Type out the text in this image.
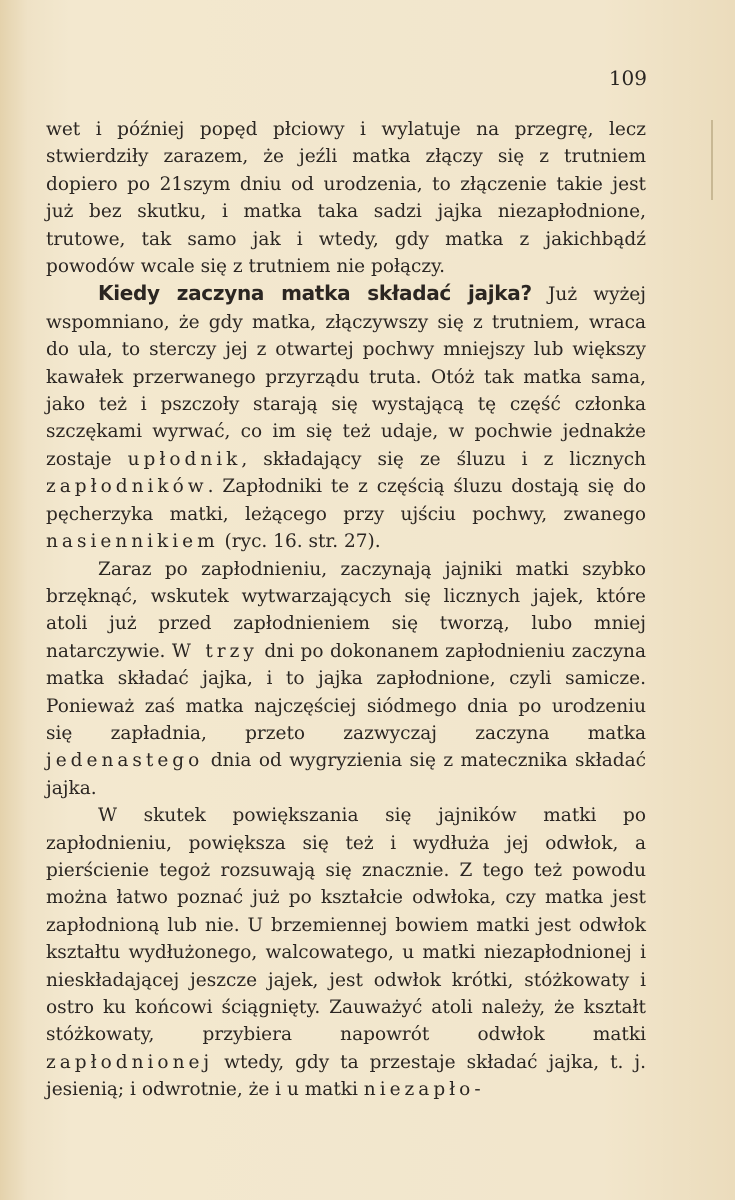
109

wet i później popęd płciowy i wylatuje na przegrę, lecz stwierdziły zarazem, że jeźli matka złączy się z trutniem dopiero po 21szym dniu od urodzenia, to złączenie takie jest już bez skutku, i matka taka sadzi jajka niezapłodnione, trutowe, tak samo jak i wtedy, gdy matka z jakichbądź powodów wcale się z trutniem nie połączy.

Kiedy zaczyna matka składać jajka? Już wyżej wspomniano, że gdy matka, złączywszy się z trutniem, wraca do ula, to sterczy jej z otwartej pochwy mniejszy lub większy kawałek przerwanego przyrządu truta. Otóż tak matka sama, jako też i pszczoły starają się wystającą tę część członka szczękami wyrwać, co im się też udaje, w pochwie jednakże zostaje upłodnik, składający się ze śluzu i z licznych zapłodników. Zapłodniki te z częścią śluzu dostają się do pęcherzyka matki, leżącego przy ujściu pochwy, zwanego nasiennikiem (ryc. 16. str. 27).

Zaraz po zapłodnieniu, zaczynają jajniki matki szybko brzęknąć, wskutek wytwarzających się licznych jajek, które atoli już przed zapłodnieniem się tworzą, lubo mniej natarczywie. W trzy dni po dokonanem zapłodnieniu zaczyna matka składać jajka, i to jajka zapłodnione, czyli samicze. Ponieważ zaś matka najczęściej siódmego dnia po urodzeniu się zapładnia, przeto zazwyczaj zaczyna matka jedenastego dnia od wygryzienia się z matecznika składać jajka.

W skutek powiększania się jajników matki po zapłodnieniu, powiększa się też i wydłuża jej odwłok, a pierścienie tegoż rozsuwają się znacznie. Z tego też powodu można łatwo poznać już po kształcie odwłoka, czy matka jest zapłodnioną lub nie. U brzemiennej bowiem matki jest odwłok kształtu wydłużonego, walcowatego, u matki niezapłodnionej i nieskładającej jeszcze jajek, jest odwłok krótki, stóżkowaty i ostro ku końcowi ściągnięty. Zauważyć atoli należy, że kształt stóżkowaty, przybiera napowrót odwłok matki zapłodnionej wtedy, gdy ta przestaje składać jajka, t. j. jesienią; i odwrotnie, że i u matki niezapło-
